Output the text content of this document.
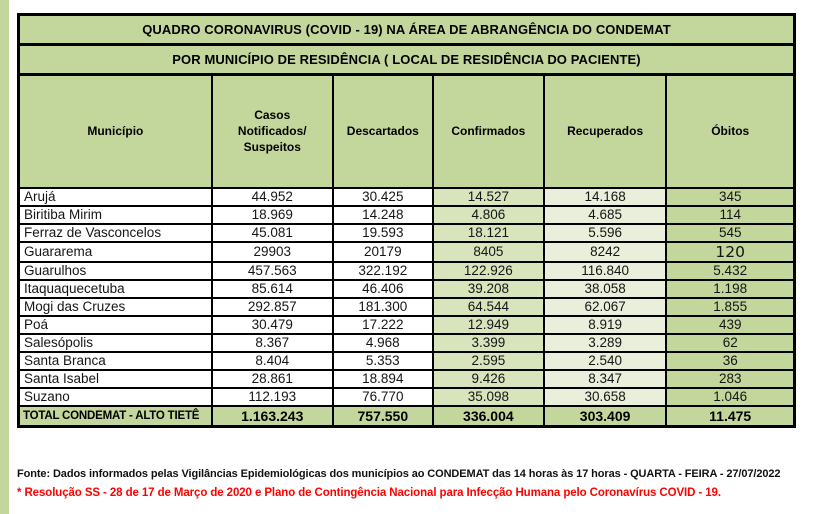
QUADRO CORONAVIRUS (COVID - 19) NA ÁREA DE ABRANGÊNCIA DO CONDEMAT
POR MUNICÍPIO DE RESIDÊNCIA ( LOCAL DE RESIDÊNCIA DO PACIENTE)
Município	Casos Notificados/ Suspeitos	Descartados	Confirmados	Recuperados	Óbitos
Arujá	44.952	30.425	14.527	14.168	345
Biritiba Mirim	18.969	14.248	4.806	4.685	114
Ferraz de Vasconcelos	45.081	19.593	18.121	5.596	545
Guararema	29903	20179	8405	8242	120
Guarulhos	457.563	322.192	122.926	116.840	5.432
Itaquaquecetuba	85.614	46.406	39.208	38.058	1.198
Mogi das Cruzes	292.857	181.300	64.544	62.067	1.855
Poá	30.479	17.222	12.949	8.919	439
Salesópolis	8.367	4.968	3.399	3.289	62
Santa Branca	8.404	5.353	2.595	2.540	36
Santa Isabel	28.861	18.894	9.426	8.347	283
Suzano	112.193	76.770	35.098	30.658	1.046
TOTAL CONDEMAT - ALTO TIETÊ	1.163.243	757.550	336.004	303.409	11.475
Fonte: Dados informados pelas Vigilâncias Epidemiológicas dos municípios ao CONDEMAT das 14 horas às 17 horas - QUARTA - FEIRA - 27/07/2022
* Resolução SS - 28 de 17 de Março de 2020 e Plano de Contingência Nacional para Infecção Humana pelo Coronavírus COVID - 19.
